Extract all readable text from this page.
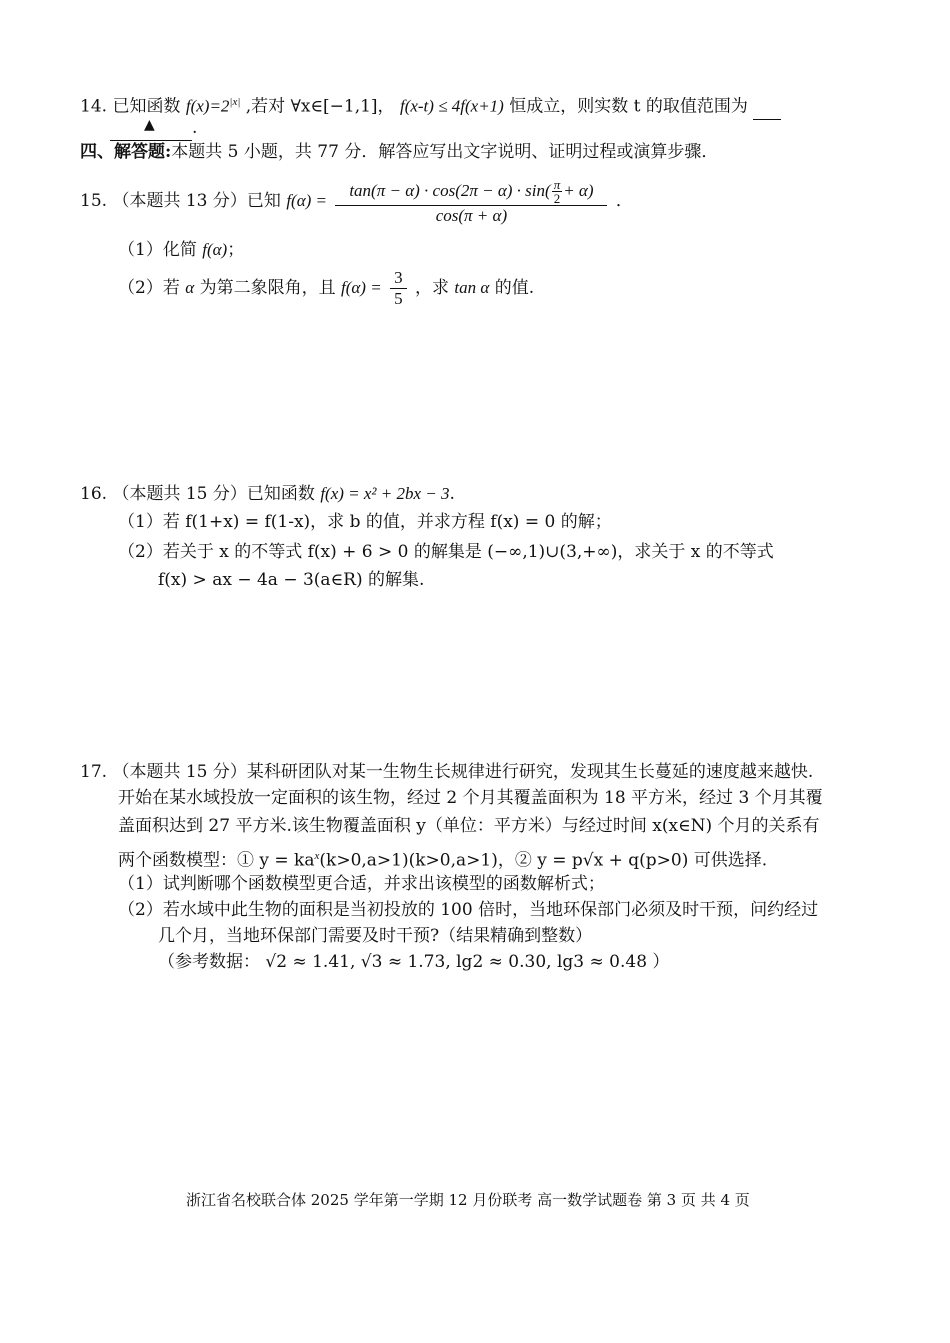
14. 已知函数 $f(x)=2^{|x|}$ ,若对 ∀x∈[−1,1]， f(x-t) ≤ 4f(x+1) 恒成立，则实数 t 的取值范围为
.
▲
四、解答题:本题共 5 小题，共 77 分．解答应写出文字说明、证明过程或演算步骤．
15. （本题共 13 分）已知 $f(\alpha) = \frac{\tan(\pi - \alpha) \cdot \cos(2\pi - \alpha) \cdot \sin( \frac{\pi}{2} + \alpha)}{\cos(\pi + \alpha)}$ ．
（1）化简 f(α)；
（2）若 α 为第二象限角，且 $f(\alpha) = \frac{3}{5}$ ，求 tan α 的值.
16. （本题共 15 分）已知函数 f(x) = x² + 2bx − 3.
（1）若 f(1+x) = f(1-x)，求 b 的值，并求方程 f(x) = 0 的解；
（2）若关于 x 的不等式 f(x) + 6 > 0 的解集是 (−∞,1)∪(3,+∞)，求关于 x 的不等式
f(x) > ax − 4a − 3(a∈R) 的解集.
17. （本题共 15 分）某科研团队对某一生物生长规律进行研究，发现其生长蔓延的速度越来越快.
开始在某水域投放一定面积的该生物，经过 2 个月其覆盖面积为 18 平方米，经过 3 个月其覆
盖面积达到 27 平方米.该生物覆盖面积 y（单位：平方米）与经过时间 x(x∈N) 个月的关系有
两个函数模型：① $y = ka^x(k>0,a>1)(k>0,a>1)$，② y = p√x + q(p>0) 可供选择.
（1）试判断哪个函数模型更合适，并求出该模型的函数解析式；
（2）若水域中此生物的面积是当初投放的 100 倍时，当地环保部门必须及时干预，问约经过
几个月，当地环保部门需要及时干预?（结果精确到整数）
（参考数据： √2 ≈ 1.41, √3 ≈ 1.73, lg2 ≈ 0.30, lg3 ≈ 0.48 ）
浙江省名校联合体 2025 学年第一学期 12 月份联考 高一数学试题卷 第 3 页 共 4 页
